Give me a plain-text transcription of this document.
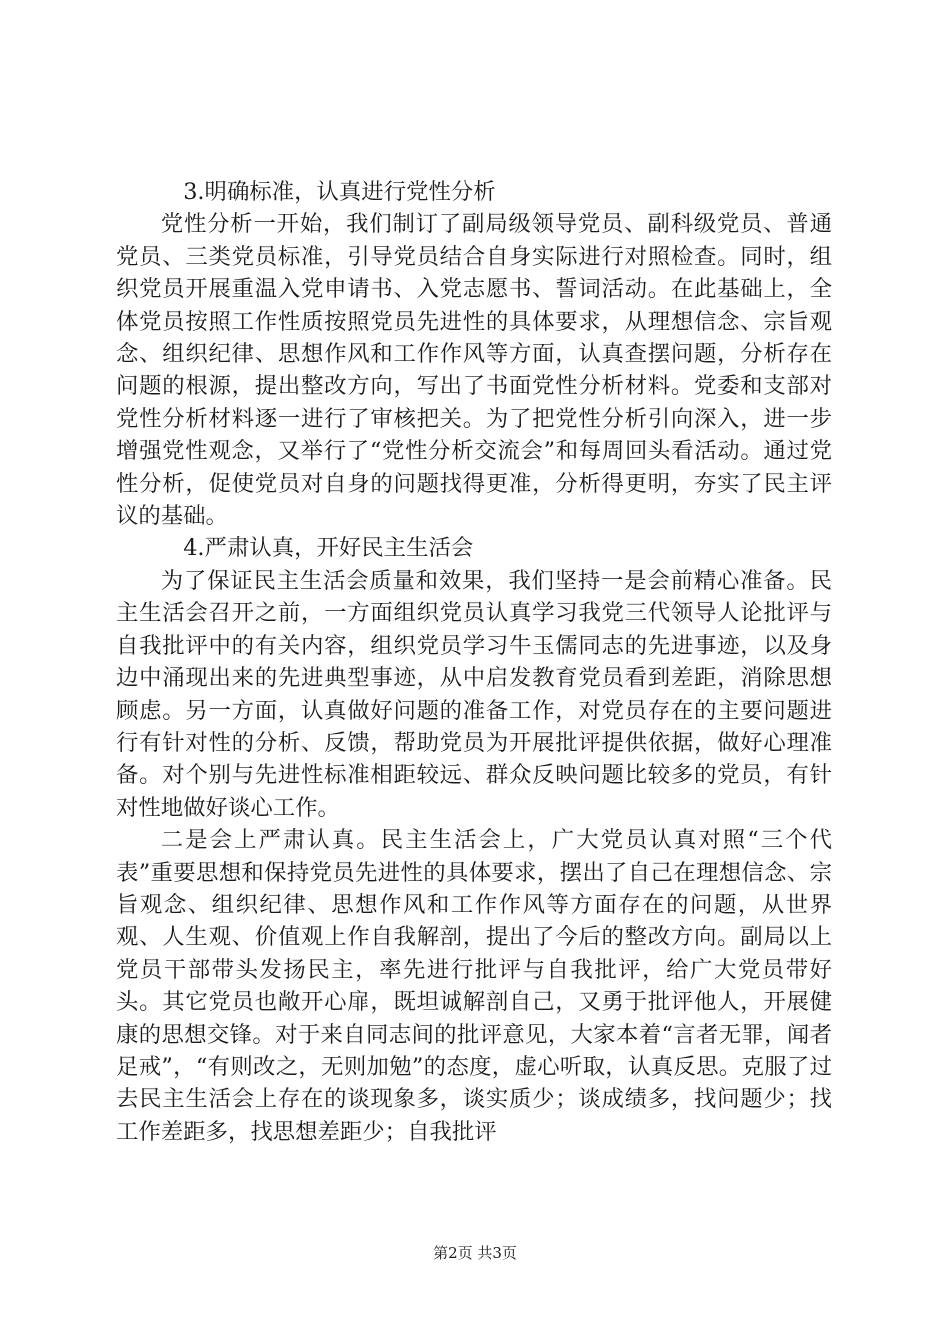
3.明确标准，认真进行党性分析

党性分析一开始，我们制订了副局级领导党员、副科级党员、普通党员、三类党员标准，引导党员结合自身实际进行对照检查。同时，组织党员开展重温入党申请书、入党志愿书、誓词活动。在此基础上，全体党员按照工作性质按照党员先进性的具体要求，从理想信念、宗旨观念、组织纪律、思想作风和工作作风等方面，认真查摆问题，分析存在问题的根源，提出整改方向，写出了书面党性分析材料。党委和支部对党性分析材料逐一进行了审核把关。为了把党性分析引向深入，进一步增强党性观念，又举行了“党性分析交流会”和每周回头看活动。通过党性分析，促使党员对自身的问题找得更准，分析得更明，夯实了民主评议的基础。

4.严肃认真，开好民主生活会

为了保证民主生活会质量和效果，我们坚持一是会前精心准备。民主生活会召开之前，一方面组织党员认真学习我党三代领导人论批评与自我批评中的有关内容，组织党员学习牛玉儒同志的先进事迹，以及身边中涌现出来的先进典型事迹，从中启发教育党员看到差距，消除思想顾虑。另一方面，认真做好问题的准备工作，对党员存在的主要问题进行有针对性的分析、反馈，帮助党员为开展批评提供依据，做好心理准备。对个别与先进性标准相距较远、群众反映问题比较多的党员，有针对性地做好谈心工作。

二是会上严肃认真。民主生活会上，广大党员认真对照“三个代表”重要思想和保持党员先进性的具体要求，摆出了自己在理想信念、宗旨观念、组织纪律、思想作风和工作作风等方面存在的问题，从世界观、人生观、价值观上作自我解剖，提出了今后的整改方向。副局以上党员干部带头发扬民主，率先进行批评与自我批评，给广大党员带好头。其它党员也敞开心扉，既坦诚解剖自己，又勇于批评他人，开展健康的思想交锋。对于来自同志间的批评意见，大家本着“言者无罪，闻者足戒”，“有则改之，无则加勉”的态度，虚心听取，认真反思。克服了过去民主生活会上存在的谈现象多，谈实质少；谈成绩多，找问题少；找工作差距多，找思想差距少；自我批评

第2页 共3页
